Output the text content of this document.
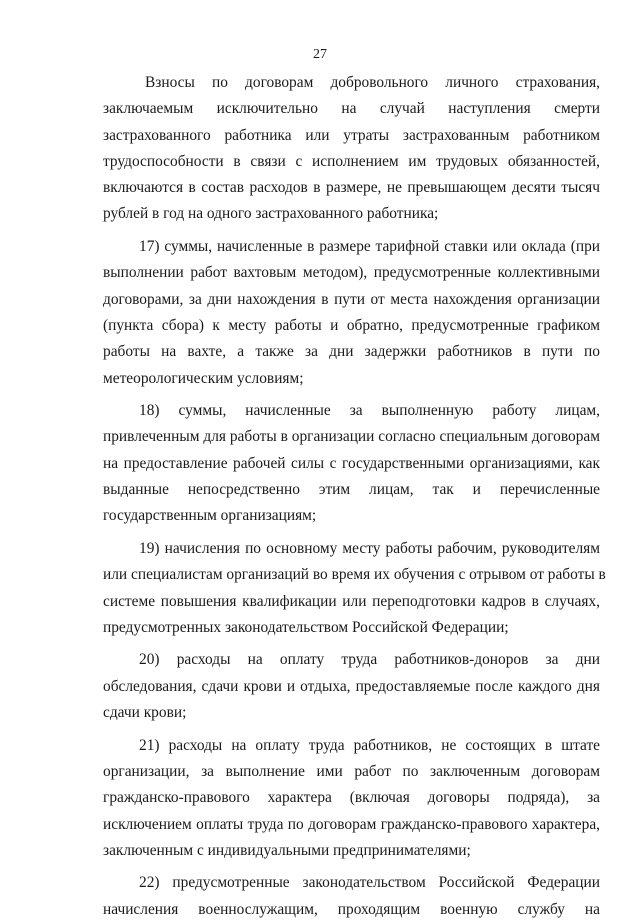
27
Взносы по договорам добровольного личного страхования,
заключаемым исключительно на случай наступления смерти
застрахованного работника или утраты застрахованным работником
трудоспособности в связи с исполнением им трудовых обязанностей,
включаются в состав расходов в размере, не превышающем десяти тысяч
рублей в год на одного застрахованного работника;
17) суммы, начисленные в размере тарифной ставки или оклада (при
выполнении работ вахтовым методом), предусмотренные коллективными
договорами, за дни нахождения в пути от места нахождения организации
(пункта сбора) к месту работы и обратно, предусмотренные графиком
работы на вахте, а также за дни задержки работников в пути по
метеорологическим условиям;
18) суммы, начисленные за выполненную работу лицам,
привлеченным для работы в организации согласно специальным договорам
на предоставление рабочей силы с государственными организациями, как
выданные непосредственно этим лицам, так и перечисленные
государственным организациям;
19) начисления по основному месту работы рабочим, руководителям
или специалистам организаций во время их обучения с отрывом от работы в
системе повышения квалификации или переподготовки кадров в случаях,
предусмотренных законодательством Российской Федерации;
20) расходы на оплату труда работников-доноров за дни
обследования, сдачи крови и отдыха, предоставляемые после каждого дня
сдачи крови;
21) расходы на оплату труда работников, не состоящих в штате
организации, за выполнение ими работ по заключенным договорам
гражданско-правового характера (включая договоры подряда), за
исключением оплаты труда по договорам гражданско-правового характера,
заключенным с индивидуальными предпринимателями;
22) предусмотренные законодательством Российской Федерации
начисления военнослужащим, проходящим военную службу на
